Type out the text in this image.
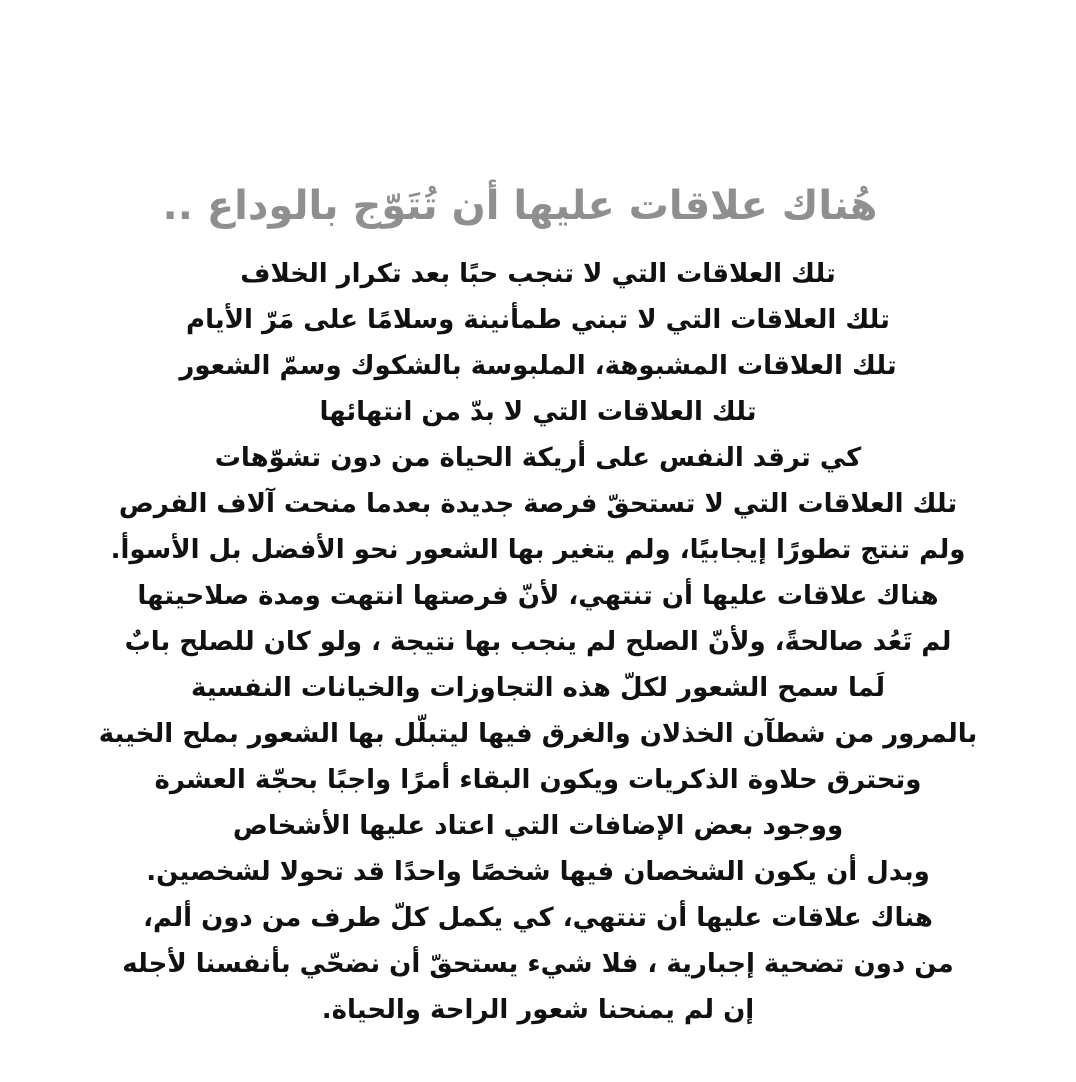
هُناك علاقات عليها أن تُتَوّج بالوداع ..
تلك العلاقات التي لا تنجب حبًا بعد تكرار الخلاف
تلك العلاقات التي لا تبني طمأنينة وسلامًا على مَرّ الأيام
تلك العلاقات المشبوهة، الملبوسة بالشكوك وسمّ الشعور
تلك العلاقات التي لا بدّ من انتهائها
كي ترقد النفس على أريكة الحياة من دون تشوّهات
تلك العلاقات التي لا تستحقّ فرصة جديدة بعدما منحت آلاف الفرص
ولم تنتج تطورًا إيجابيًا، ولم يتغير بها الشعور نحو الأفضل بل الأسوأ.
هناك علاقات عليها أن تنتهي، لأنّ فرصتها انتهت ومدة صلاحيتها
لم تَعُد صالحةً، ولأنّ الصلح لم ينجب بها نتيجة ، ولو كان للصلح بابٌ
لَما سمح الشعور لكلّ هذه التجاوزات والخيانات النفسية
بالمرور من شطآن الخذلان والغرق فيها ليتبلّل بها الشعور بملح الخيبة
وتحترق حلاوة الذكريات ويكون البقاء أمرًا واجبًا بحجّة العشرة
ووجود بعض الإضافات التي اعتاد عليها الأشخاص
وبدل أن يكون الشخصان فيها شخصًا واحدًا قد تحولا لشخصين.
هناك علاقات عليها أن تنتهي، كي يكمل كلّ طرف من دون ألم،
من دون تضحية إجبارية ، فلا شيء يستحقّ أن نضحّي بأنفسنا لأجله
إن لم يمنحنا شعور الراحة والحياة.
